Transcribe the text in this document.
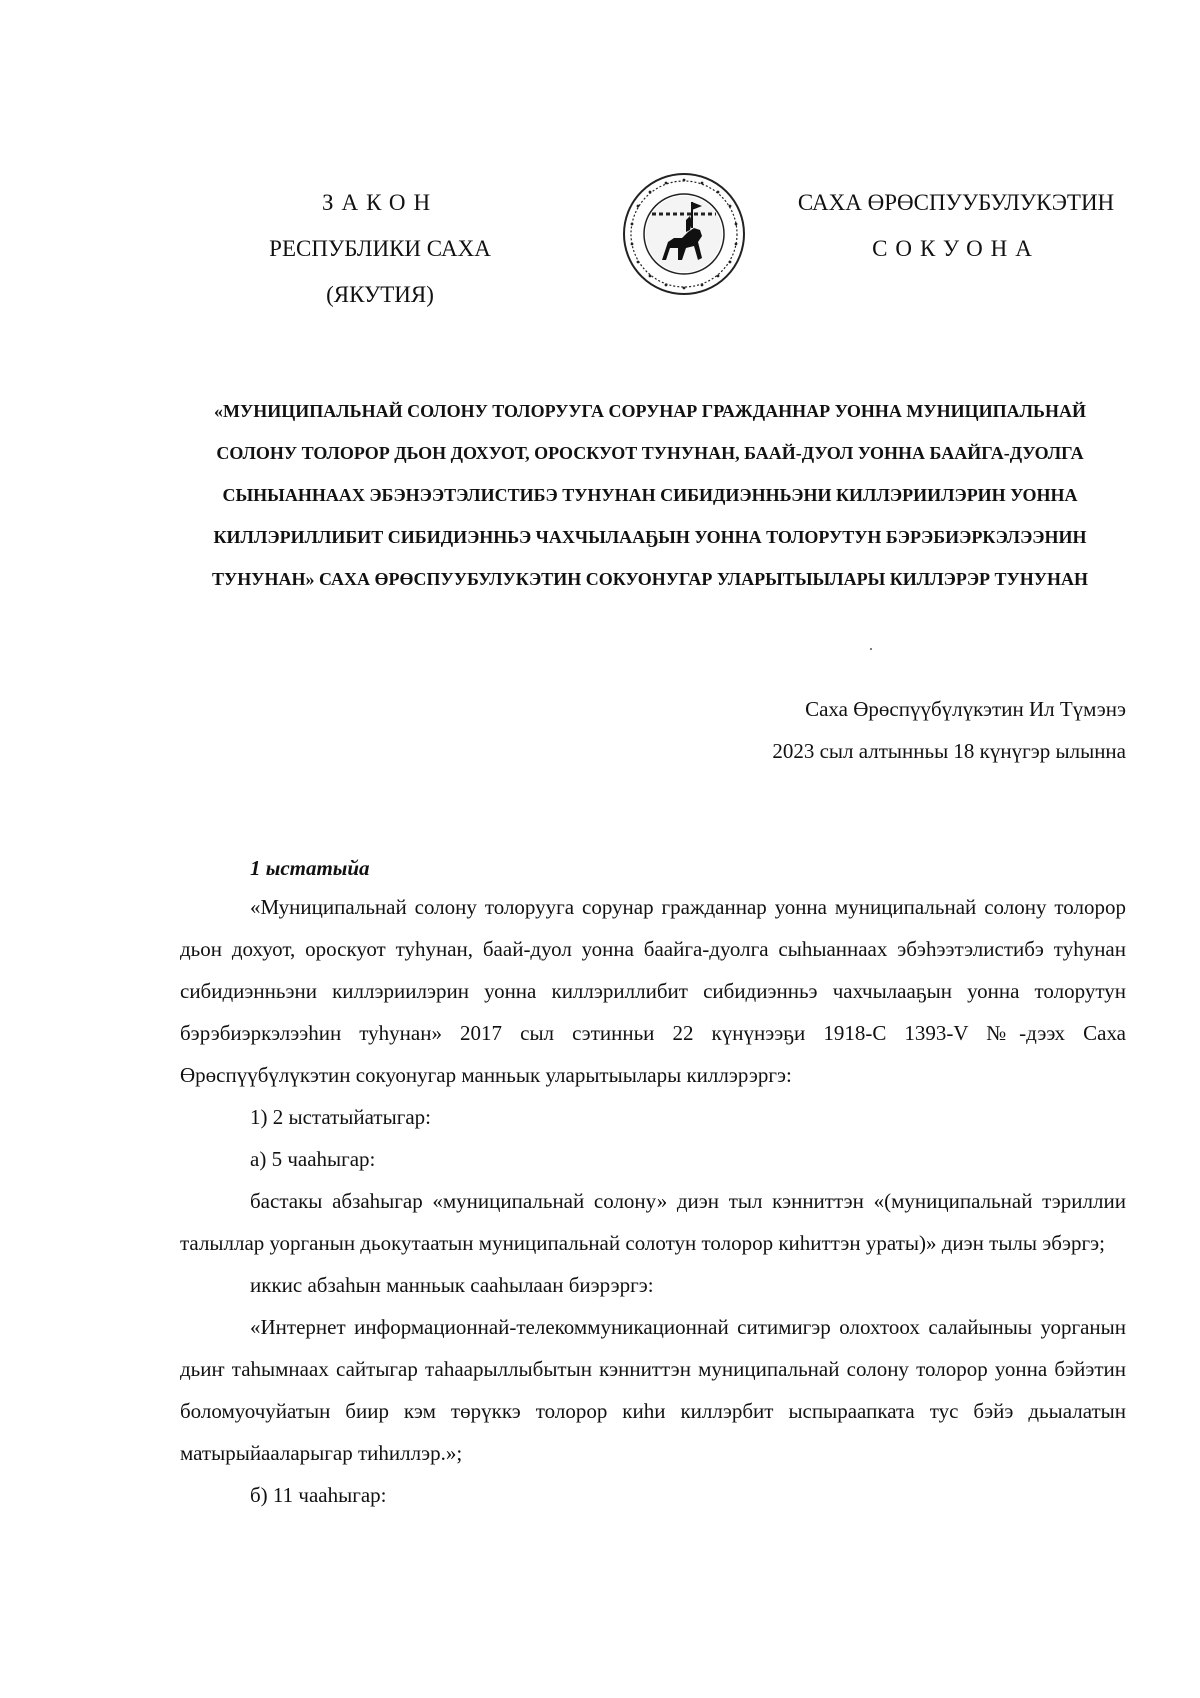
ЗАКОН
РЕСПУБЛИКИ САХА (ЯКУТИЯ)
САХА ӨРӨСПУУБУЛУКЭТИН
СОКУОНА
«МУНИЦИПАЛЬНАЙ СОЛОНУ ТОЛОРУУГА СОРУНАР ГРАЖДАННАР УОННА МУНИЦИПАЛЬНАЙ СОЛОНУ ТОЛОРОР ДЬОН ДОХУОТ, ОРОСКУОТ ТУHУНАН, БААЙ-ДУОЛ УОННА БААЙГА-ДУОЛГА СЫHЫАННААХ ЭБЭHЭЭТЭЛИСТИБЭ ТУHУНАН СИБИДИЭННЬЭНИ КИЛЛЭРИИЛЭРИН УОННА КИЛЛЭРИЛЛИБИТ СИБИДИЭННЬЭ ЧАХЧЫЛААҔЫН УОННА ТОЛОРУТУН БЭРЭБИЭРКЭЛЭЭHИН ТУHУНАН» САХА ӨРӨСПУУБУЛУКЭТИН СОКУОНУГАР УЛАРЫТЫЫЛАРЫ КИЛЛЭРЭР ТУHУНАН
Саха Өрөспүүбүлүкэтин Ил Түмэнэ
2023 сыл алтынньы 18 күнүгэр ылынна
1 ыстатыйа

«Муниципальнай солону толорууга сорунар гражданнар уонна муниципальнай солону толорор дьон дохуот, ороскуот туhунан, баай-дуол уонна баайга-дуолга сыhыаннаах эбэhээтэлистибэ туhунан сибидиэнньэни киллэриилэрин уонна киллэриллибит сибидиэнньэ чахчылааҕын уонна толорутун бэрэбиэркэлээhин туhунан» 2017 сыл сэтинньи 22 күнүнээҕи 1918-С 1393-V №-дээх Саха Өрөспүүбүлүкэтин сокуонугар манньык уларытыылары киллэрэргэ:

1) 2 ыстатыйатыгар:

а) 5 чааhыгар:

бастакы абзаhыгар «муниципальнай солону» диэн тыл кэнниттэн «(муниципальнай тэриллии талыллар уорганын дьокутаатын муниципальнай солотун толорор киhиттэн ураты)» диэн тылы эбэргэ;

иккис абзаhын манньык сааhылаан биэрэргэ:

«Интернет информационнай-телекоммуникационнай ситимигэр олохтоох салайыныы уорганын дьиҥ таhымнаах сайтыгар таhаарыллыбытын кэнниттэн муниципальнай солону толорор уонна бэйэтин боломуочуйатын биир кэм төрүккэ толорор киhи киллэрбит ыспыраапката тус бэйэ дьыалатын матырыйааларыгар тиhиллэр.»;

б) 11 чааhыгар:
